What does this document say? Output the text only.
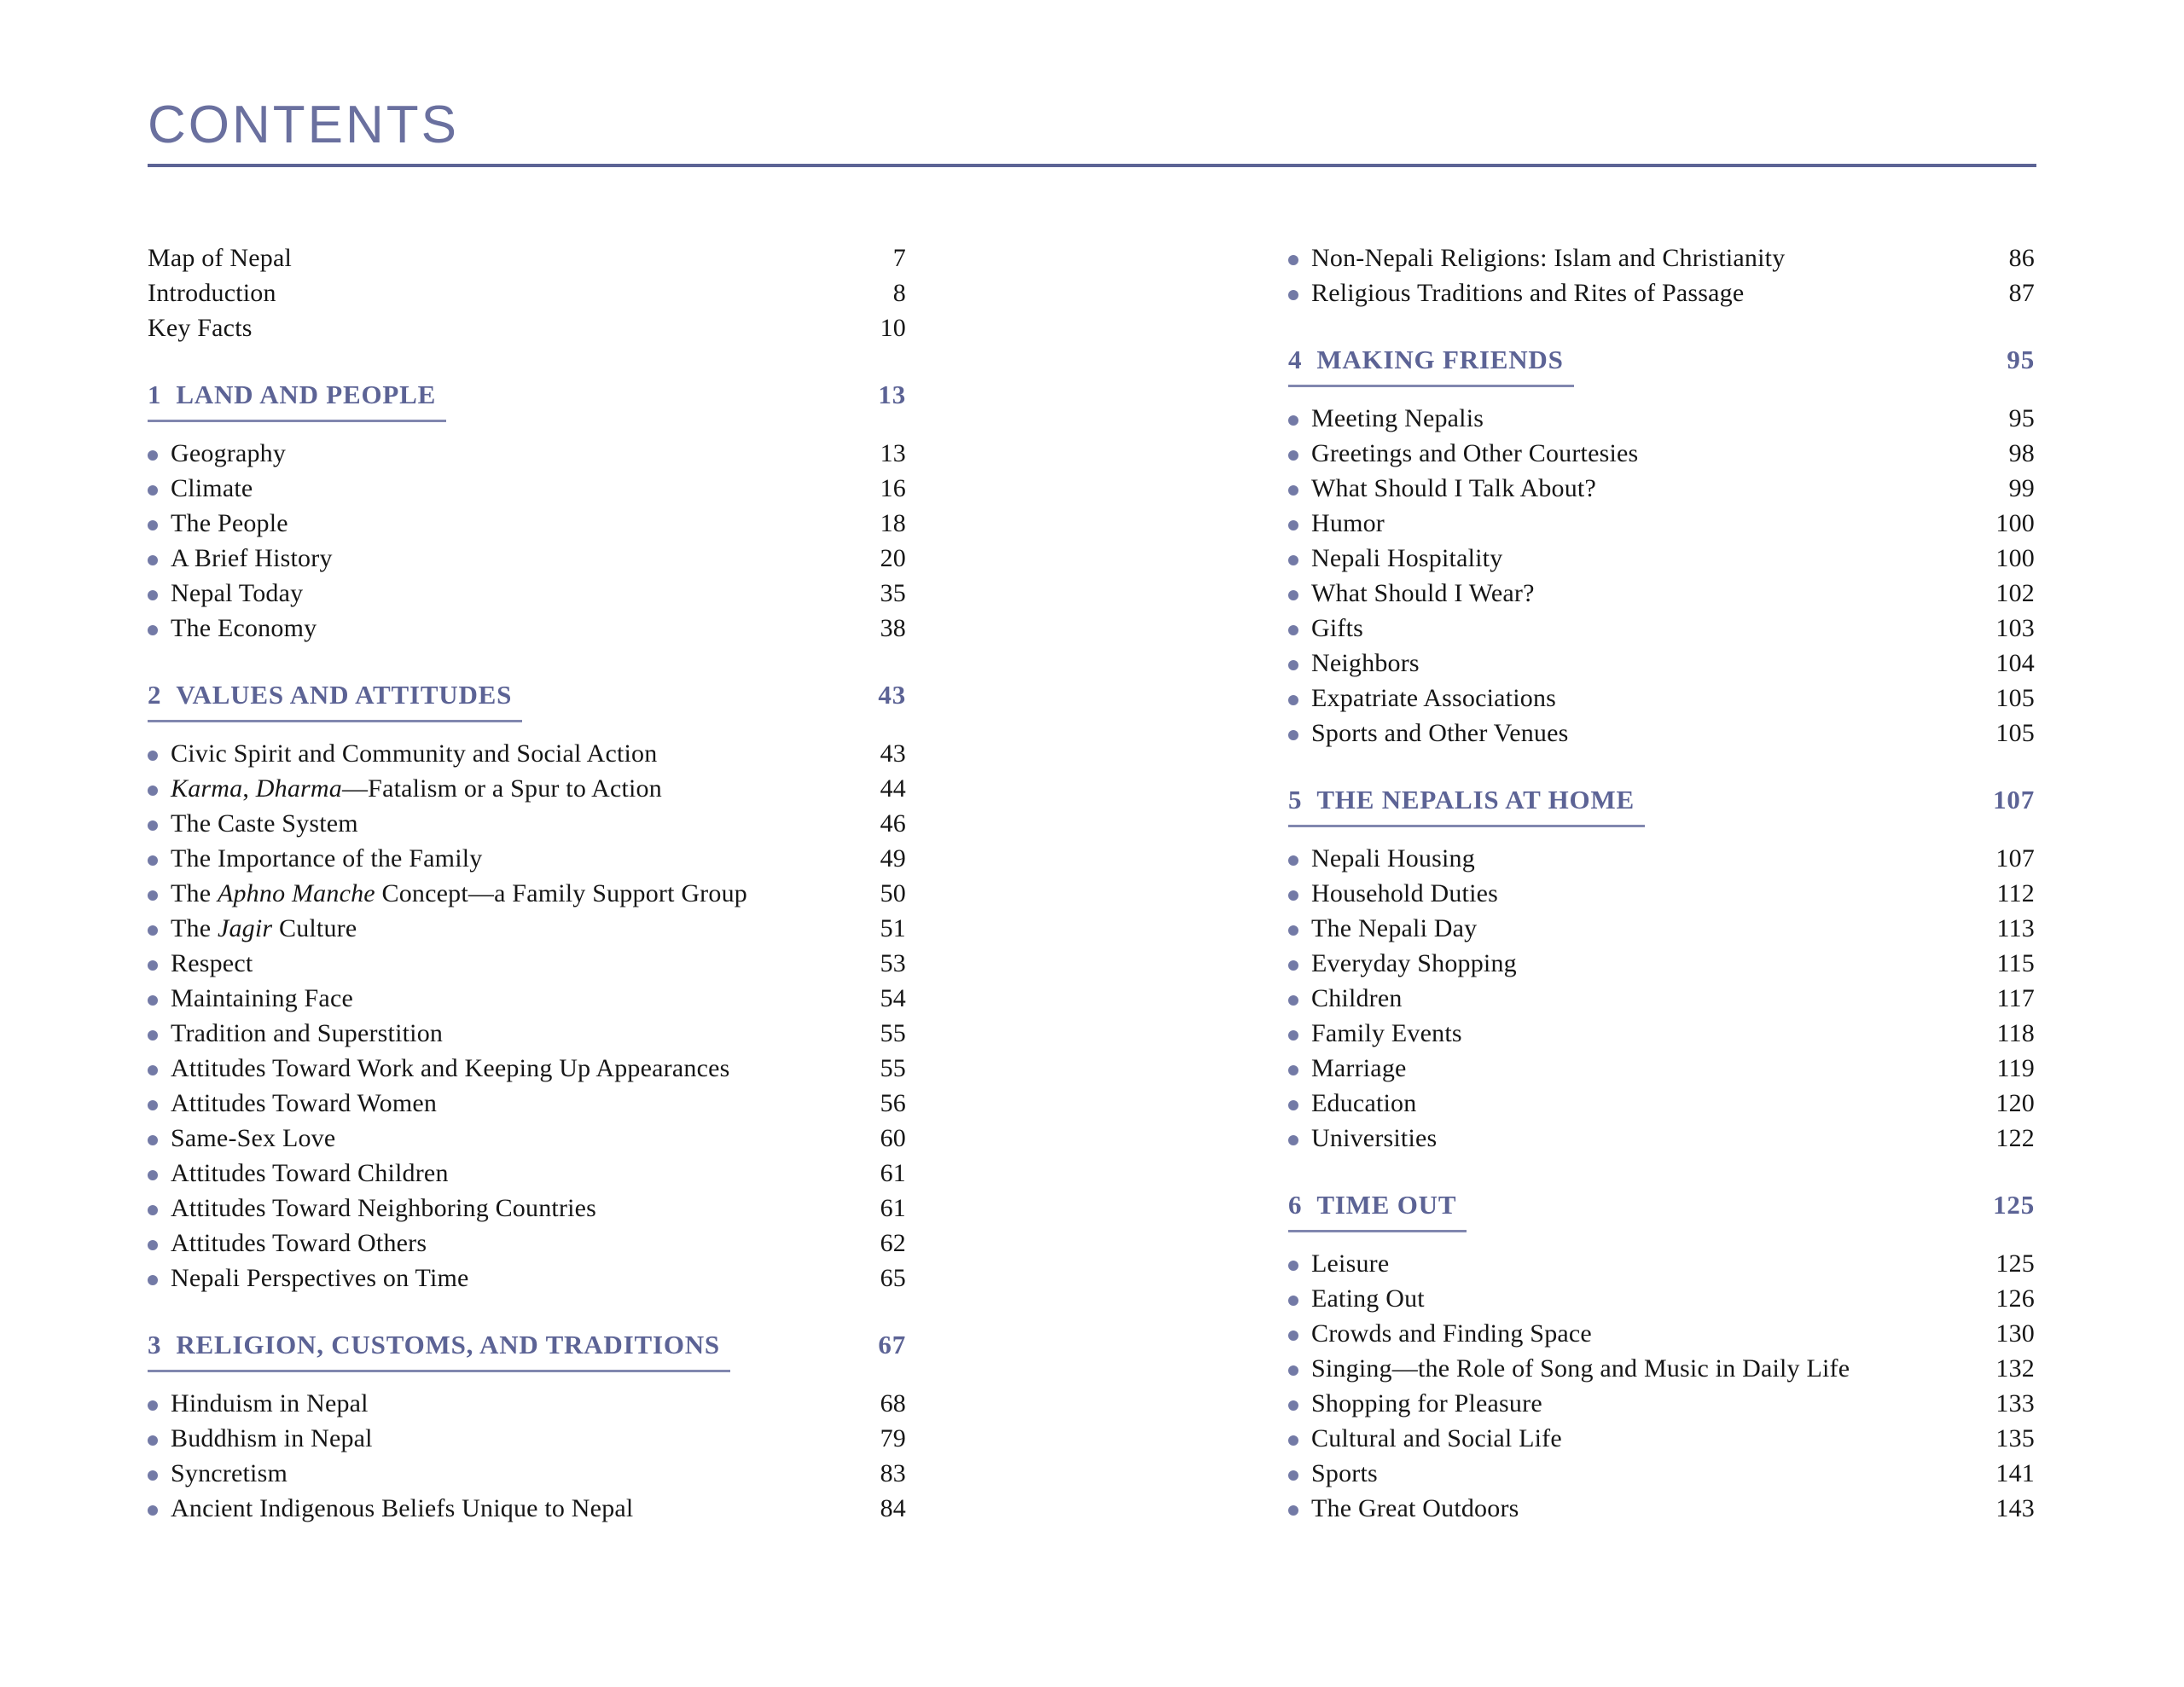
CONTENTS
Map of Nepal	7
Introduction	8
Key Facts	10
1 LAND AND PEOPLE	13
Geography	13
Climate	16
The People	18
A Brief History	20
Nepal Today	35
The Economy	38
2 VALUES AND ATTITUDES	43
Civic Spirit and Community and Social Action	43
Karma, Dharma—Fatalism or a Spur to Action	44
The Caste System	46
The Importance of the Family	49
The Aphno Manche Concept—a Family Support Group	50
The Jagir Culture	51
Respect	53
Maintaining Face	54
Tradition and Superstition	55
Attitudes Toward Work and Keeping Up Appearances	55
Attitudes Toward Women	56
Same-Sex Love	60
Attitudes Toward Children	61
Attitudes Toward Neighboring Countries	61
Attitudes Toward Others	62
Nepali Perspectives on Time	65
3 RELIGION, CUSTOMS, AND TRADITIONS	67
Hinduism in Nepal	68
Buddhism in Nepal	79
Syncretism	83
Ancient Indigenous Beliefs Unique to Nepal	84
Non-Nepali Religions: Islam and Christianity	86
Religious Traditions and Rites of Passage	87
4 MAKING FRIENDS	95
Meeting Nepalis	95
Greetings and Other Courtesies	98
What Should I Talk About?	99
Humor	100
Nepali Hospitality	100
What Should I Wear?	102
Gifts	103
Neighbors	104
Expatriate Associations	105
Sports and Other Venues	105
5 THE NEPALIS AT HOME	107
Nepali Housing	107
Household Duties	112
The Nepali Day	113
Everyday Shopping	115
Children	117
Family Events	118
Marriage	119
Education	120
Universities	122
6 TIME OUT	125
Leisure	125
Eating Out	126
Crowds and Finding Space	130
Singing—the Role of Song and Music in Daily Life	132
Shopping for Pleasure	133
Cultural and Social Life	135
Sports	141
The Great Outdoors	143
